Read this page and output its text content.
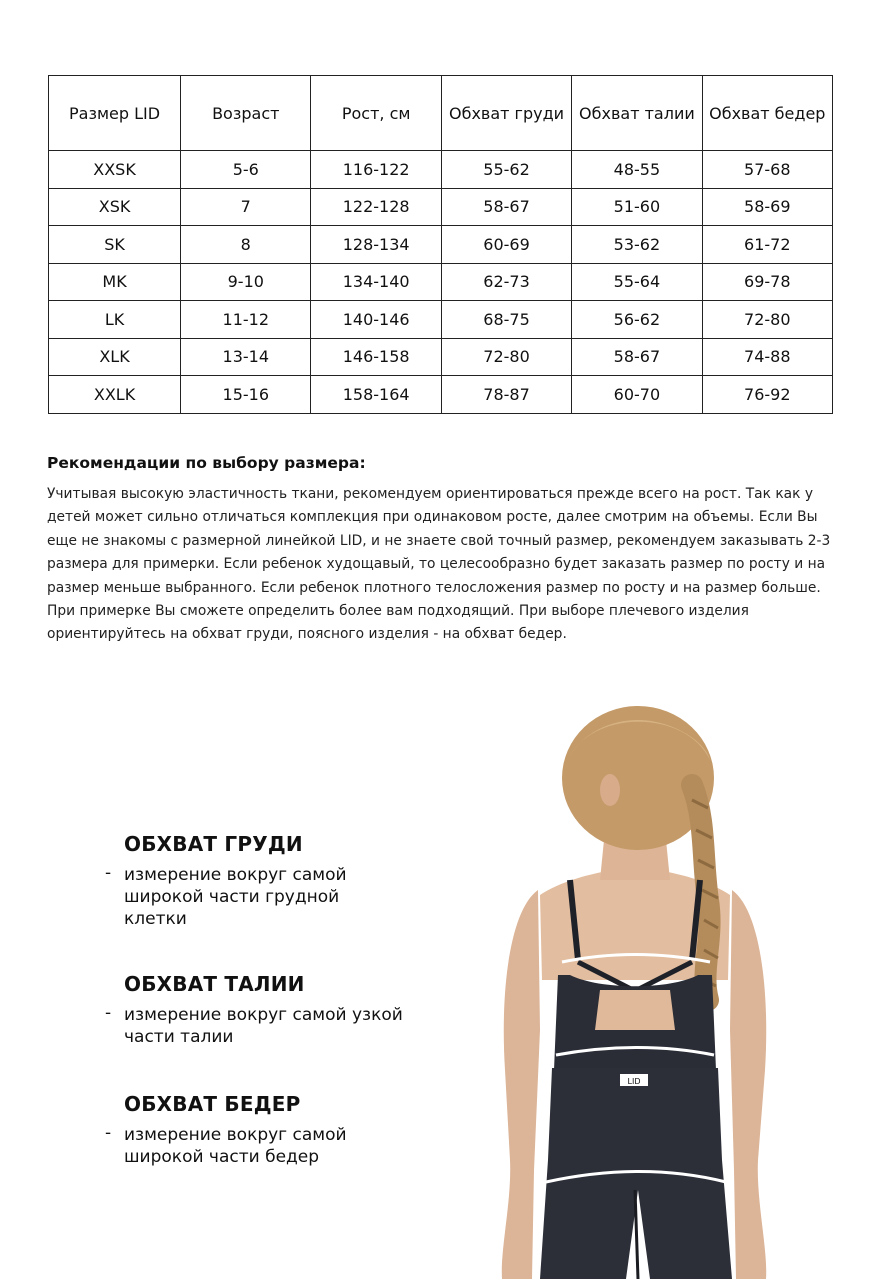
Размер LID	Возраст	Рост, см	Обхват груди	Обхват талии	Обхват бедер
XXSK	5-6	116-122	55-62	48-55	57-68
XSK	7	122-128	58-67	51-60	58-69
SK	8	128-134	60-69	53-62	61-72
MK	9-10	134-140	62-73	55-64	69-78
LK	11-12	140-146	68-75	56-62	72-80
XLK	13-14	146-158	72-80	58-67	74-88
XXLK	15-16	158-164	78-87	60-70	76-92
Рекомендации по выбору размера:

Учитывая высокую эластичность ткани, рекомендуем ориентироваться прежде всего на рост. Так как у детей может сильно отличаться комплекция при одинаковом росте, далее смотрим на объемы. Если Вы еще не знакомы с размерной линейкой LID, и не знаете свой точный размер, рекомендуем заказывать 2-3 размера для примерки. Если ребенок худощавый, то целесообразно будет заказать размер по росту и на размер меньше выбранного. Если ребенок плотного телосложения размер по росту и на размер больше. При примерке Вы сможете определить более вам подходящий. При выборе плечевого изделия ориентируйтесь на обхват груди, поясного изделия - на обхват бедер.

ОБХВАТ ГРУДИ

- измерение вокруг самой широкой части грудной клетки

ОБХВАТ ТАЛИИ

- измерение вокруг самой узкой части талии

ОБХВАТ БЕДЕР

- измерение вокруг самой широкой части бедер

LID
